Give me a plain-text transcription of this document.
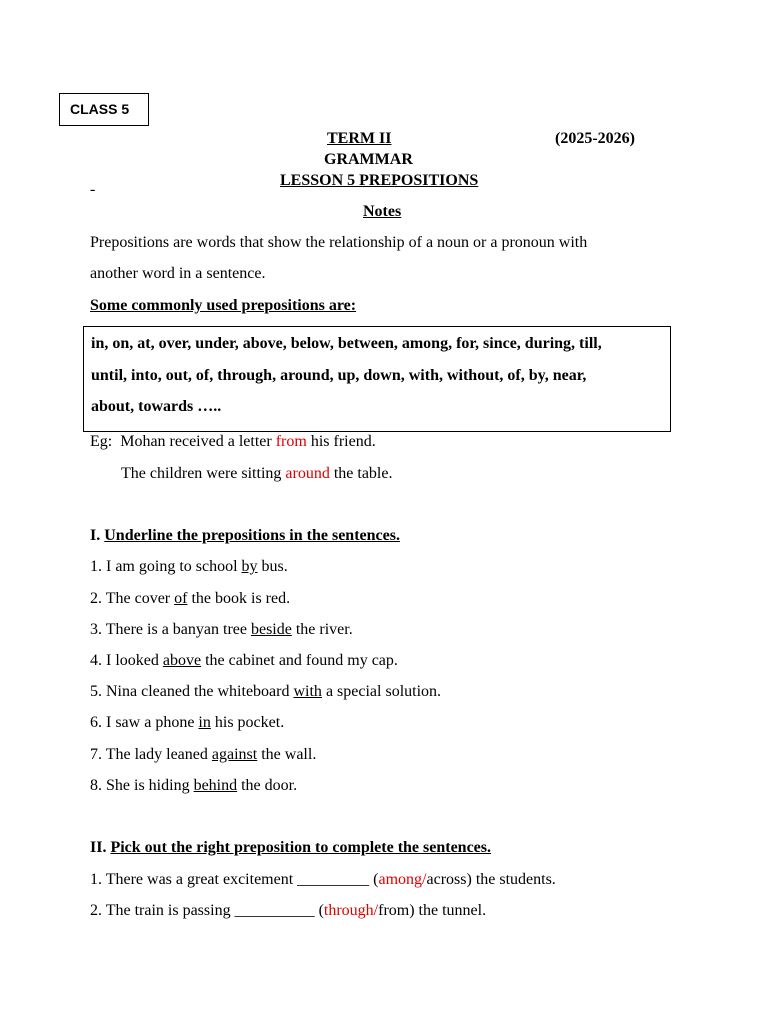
CLASS 5
TERM II	(2025-2026)
GRAMMAR
LESSON 5 PREPOSITIONS
-
Notes
Prepositions are words that show the relationship of a noun or a pronoun with
another word in a sentence.
Some commonly used prepositions are:
in, on, at, over, under, above, below, between, among, for, since, during, till,
until, into, out, of, through, around, up, down, with, without, of, by, near,
about, towards …..
Eg:  Mohan received a letter from his friend.
The children were sitting around the table.
I. Underline the prepositions in the sentences.
1. I am going to school by bus.
2. The cover of the book is red.
3. There is a banyan tree beside the river.
4. I looked above the cabinet and found my cap.
5. Nina cleaned the whiteboard with a special solution.
6. I saw a phone in his pocket.
7. The lady leaned against the wall.
8. She is hiding behind the door.
II. Pick out the right preposition to complete the sentences.
1. There was a great excitement _________ (among/across) the students.
2. The train is passing __________ (through/from) the tunnel.
